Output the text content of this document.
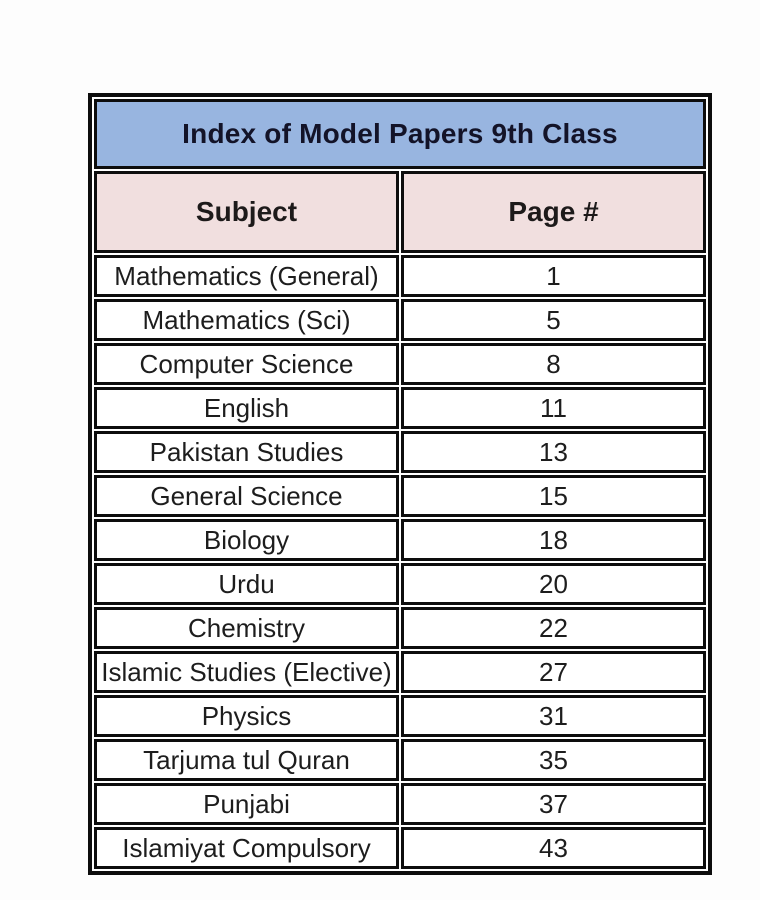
Index of Model Papers 9th Class	
Subject	Page #
Mathematics (General)	1
Mathematics (Sci)	5
Computer Science	8
English	11
Pakistan Studies	13
General Science	15
Biology	18
Urdu	20
Chemistry	22
Islamic Studies (Elective)	27
Physics	31
Tarjuma tul Quran	35
Punjabi	37
Islamiyat Compulsory	43
